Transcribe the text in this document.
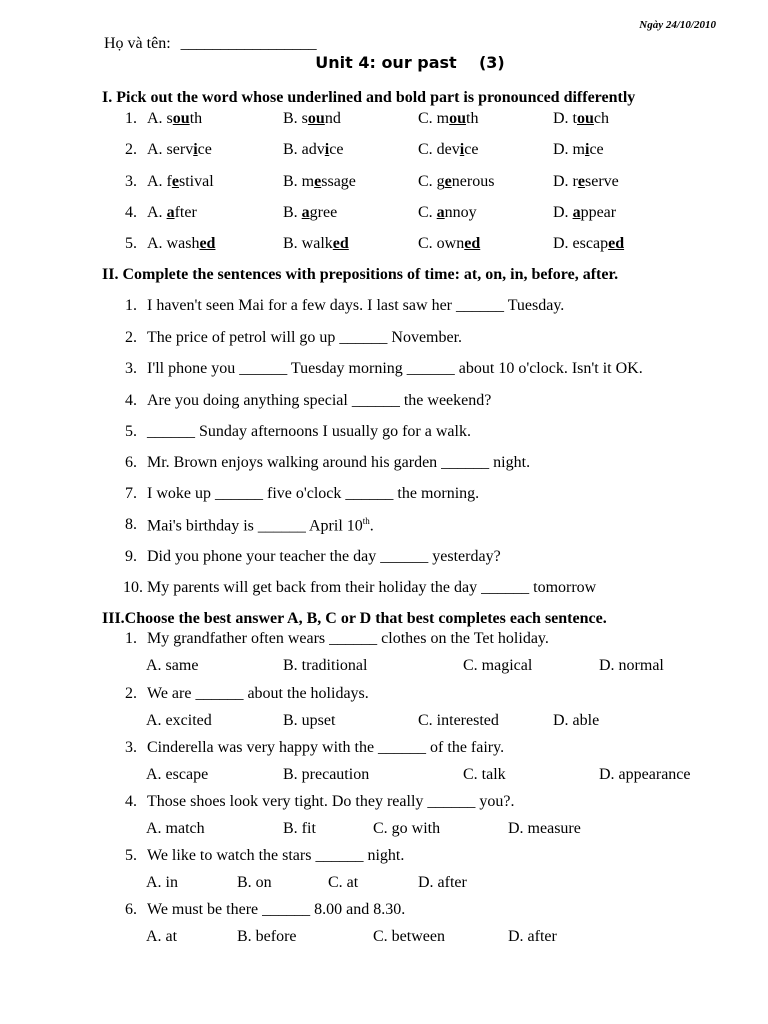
Ngày 24/10/2010
Họ và tên: _________________
Unit 4: our past    (3)
I. Pick out the word whose underlined and bold part is pronounced differently
1. A. south	B. sound	C. mouth	D. touch
2. A. service	B. advice	C. device	D. mice
3. A. festival	B. message	C. generous	D. reserve
4. A. after	B. agree	C. annoy	D. appear
5. A. washed	B. walked	C. owned	D. escaped
II. Complete the sentences with prepositions of time: at, on, in, before, after.
1. I haven't seen Mai for a few days. I last saw her ______ Tuesday.
2. The price of petrol will go up ______ November.
3. I'll phone you ______ Tuesday morning ______ about 10 o'clock. Isn't it OK.
4. Are you doing anything special ______ the weekend?
5. ______ Sunday afternoons I usually go for a walk.
6. Mr. Brown enjoys walking around his garden ______ night.
7. I woke up ______ five o'clock ______ the morning.
8. Mai's birthday is ______ April 10th.
9. Did you phone your teacher the day ______ yesterday?
10. My parents will get back from their holiday the day ______ tomorrow
III.Choose the best answer A, B, C or D that best completes each sentence.
1. My grandfather often wears ______ clothes on the Tet holiday.
A. same	B. traditional	C. magical	D. normal
2. We are ______ about the holidays.
A. excited	B. upset	C. interested	D. able
3. Cinderella was very happy with the ______ of the fairy.
A. escape	B. precaution	C. talk	D. appearance
4. Those shoes look very tight. Do they really ______ you?.
A. match	B. fit	C. go with	D. measure
5. We like to watch the stars ______ night.
A. in	B. on	C. at	D. after
6. We must be there ______ 8.00 and 8.30.
A. at	B. before	C. between	D. after
